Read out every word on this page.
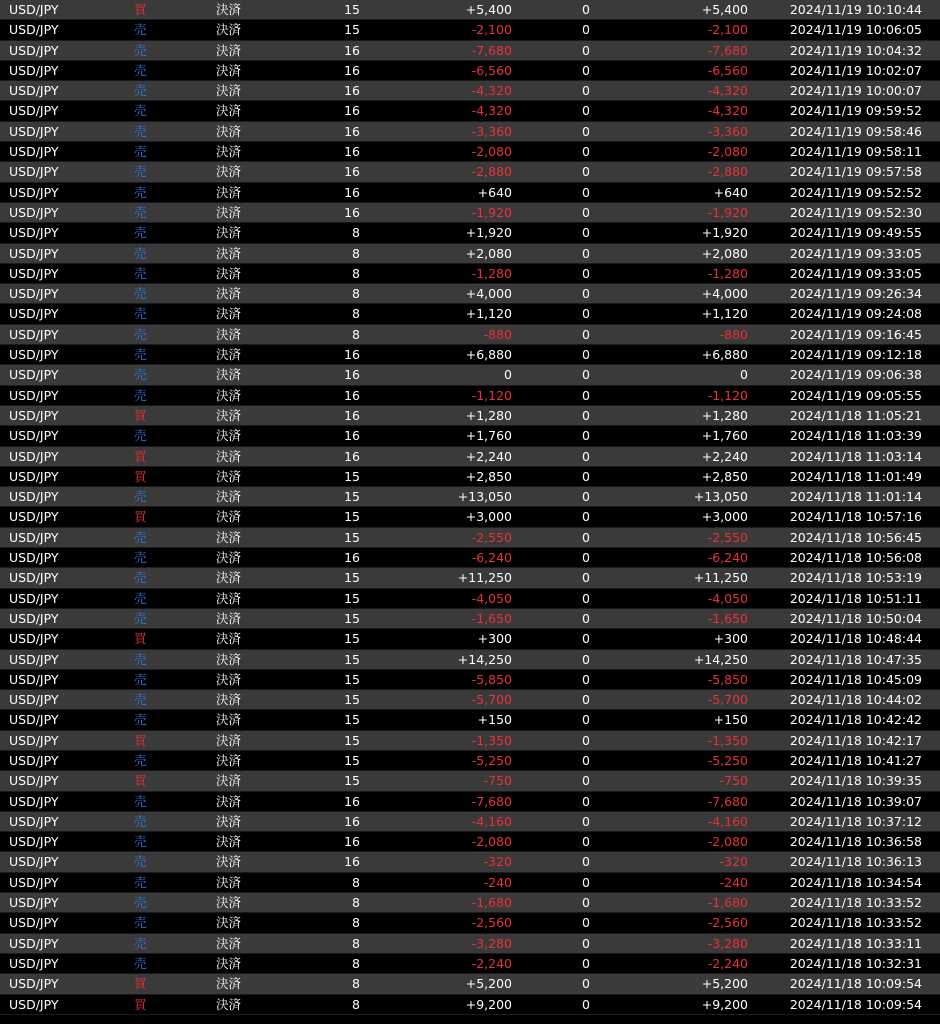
USD/JPY	買	決済	15	+5,400	0	+5,400	2024/11/19 10:10:44
USD/JPY	売	決済	15	-2,100	0	-2,100	2024/11/19 10:06:05
USD/JPY	売	決済	16	-7,680	0	-7,680	2024/11/19 10:04:32
USD/JPY	売	決済	16	-6,560	0	-6,560	2024/11/19 10:02:07
USD/JPY	売	決済	16	-4,320	0	-4,320	2024/11/19 10:00:07
USD/JPY	売	決済	16	-4,320	0	-4,320	2024/11/19 09:59:52
USD/JPY	売	決済	16	-3,360	0	-3,360	2024/11/19 09:58:46
USD/JPY	売	決済	16	-2,080	0	-2,080	2024/11/19 09:58:11
USD/JPY	売	決済	16	-2,880	0	-2,880	2024/11/19 09:57:58
USD/JPY	売	決済	16	+640	0	+640	2024/11/19 09:52:52
USD/JPY	売	決済	16	-1,920	0	-1,920	2024/11/19 09:52:30
USD/JPY	売	決済	8	+1,920	0	+1,920	2024/11/19 09:49:55
USD/JPY	売	決済	8	+2,080	0	+2,080	2024/11/19 09:33:05
USD/JPY	売	決済	8	-1,280	0	-1,280	2024/11/19 09:33:05
USD/JPY	売	決済	8	+4,000	0	+4,000	2024/11/19 09:26:34
USD/JPY	売	決済	8	+1,120	0	+1,120	2024/11/19 09:24:08
USD/JPY	売	決済	8	-880	0	-880	2024/11/19 09:16:45
USD/JPY	売	決済	16	+6,880	0	+6,880	2024/11/19 09:12:18
USD/JPY	売	決済	16	0	0	0	2024/11/19 09:06:38
USD/JPY	売	決済	16	-1,120	0	-1,120	2024/11/19 09:05:55
USD/JPY	買	決済	16	+1,280	0	+1,280	2024/11/18 11:05:21
USD/JPY	売	決済	16	+1,760	0	+1,760	2024/11/18 11:03:39
USD/JPY	買	決済	16	+2,240	0	+2,240	2024/11/18 11:03:14
USD/JPY	買	決済	15	+2,850	0	+2,850	2024/11/18 11:01:49
USD/JPY	売	決済	15	+13,050	0	+13,050	2024/11/18 11:01:14
USD/JPY	買	決済	15	+3,000	0	+3,000	2024/11/18 10:57:16
USD/JPY	売	決済	15	-2,550	0	-2,550	2024/11/18 10:56:45
USD/JPY	売	決済	16	-6,240	0	-6,240	2024/11/18 10:56:08
USD/JPY	売	決済	15	+11,250	0	+11,250	2024/11/18 10:53:19
USD/JPY	売	決済	15	-4,050	0	-4,050	2024/11/18 10:51:11
USD/JPY	売	決済	15	-1,650	0	-1,650	2024/11/18 10:50:04
USD/JPY	買	決済	15	+300	0	+300	2024/11/18 10:48:44
USD/JPY	売	決済	15	+14,250	0	+14,250	2024/11/18 10:47:35
USD/JPY	売	決済	15	-5,850	0	-5,850	2024/11/18 10:45:09
USD/JPY	売	決済	15	-5,700	0	-5,700	2024/11/18 10:44:02
USD/JPY	売	決済	15	+150	0	+150	2024/11/18 10:42:42
USD/JPY	買	決済	15	-1,350	0	-1,350	2024/11/18 10:42:17
USD/JPY	売	決済	15	-5,250	0	-5,250	2024/11/18 10:41:27
USD/JPY	買	決済	15	-750	0	-750	2024/11/18 10:39:35
USD/JPY	売	決済	16	-7,680	0	-7,680	2024/11/18 10:39:07
USD/JPY	売	決済	16	-4,160	0	-4,160	2024/11/18 10:37:12
USD/JPY	売	決済	16	-2,080	0	-2,080	2024/11/18 10:36:58
USD/JPY	売	決済	16	-320	0	-320	2024/11/18 10:36:13
USD/JPY	売	決済	8	-240	0	-240	2024/11/18 10:34:54
USD/JPY	売	決済	8	-1,680	0	-1,680	2024/11/18 10:33:52
USD/JPY	売	決済	8	-2,560	0	-2,560	2024/11/18 10:33:52
USD/JPY	売	決済	8	-3,280	0	-3,280	2024/11/18 10:33:11
USD/JPY	売	決済	8	-2,240	0	-2,240	2024/11/18 10:32:31
USD/JPY	買	決済	8	+5,200	0	+5,200	2024/11/18 10:09:54
USD/JPY	買	決済	8	+9,200	0	+9,200	2024/11/18 10:09:54
